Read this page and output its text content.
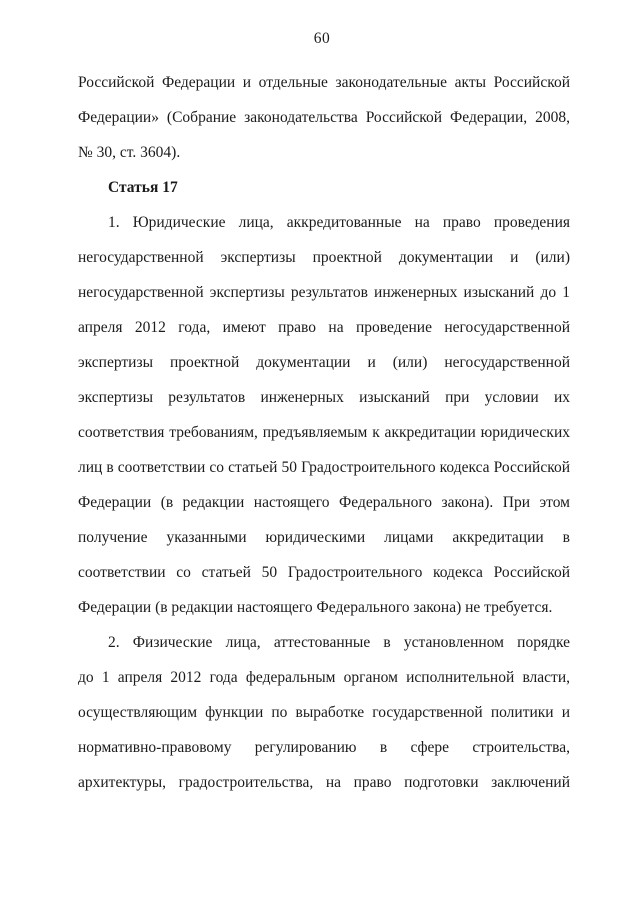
60

Российской Федерации и отдельные законодательные акты Российской

Федерации» (Собрание законодательства Российской Федерации, 2008,

№ 30, ст. 3604).

Статья 17

1. Юридические лица, аккредитованные на право проведения

негосударственной экспертизы проектной документации и (или)

негосударственной экспертизы результатов инженерных изысканий до 1

апреля 2012 года, имеют право на проведение негосударственной

экспертизы проектной документации и (или) негосударственной

экспертизы результатов инженерных изысканий при условии их

соответствия требованиям, предъявляемым к аккредитации юридических

лиц в соответствии со статьей 50 Градостроительного кодекса Российской

Федерации (в редакции настоящего Федерального закона). При этом

получение указанными юридическими лицами аккредитации в

соответствии со статьей 50 Градостроительного кодекса Российской

Федерации (в редакции настоящего Федерального закона) не требуется.

2. Физические лица, аттестованные в установленном порядке

до 1 апреля 2012 года федеральным органом исполнительной власти,

осуществляющим функции по выработке государственной политики и

нормативно-правовому регулированию в сфере строительства,

архитектуры, градостроительства, на право подготовки заключений
